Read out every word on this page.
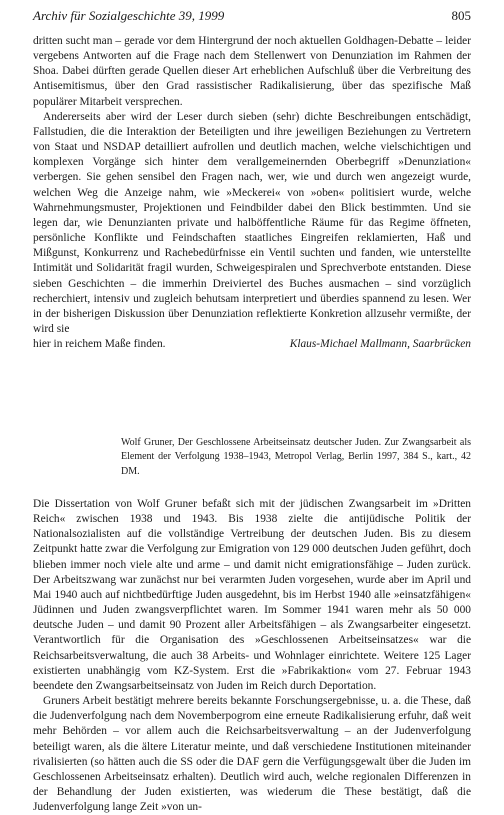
Archiv für Sozialgeschichte 39, 1999	805

dritten sucht man – gerade vor dem Hintergrund der noch aktuellen Goldhagen-Debatte – leider vergebens Antworten auf die Frage nach dem Stellenwert von Denunziation im Rahmen der Shoa. Dabei dürften gerade Quellen dieser Art erheblichen Aufschluß über die Verbreitung des Antisemitismus, über den Grad rassistischer Radikalisierung, über das spezifische Maß populärer Mitarbeit versprechen.

Andererseits aber wird der Leser durch sieben (sehr) dichte Beschreibungen entschädigt, Fallstudien, die die Interaktion der Beteiligten und ihre jeweiligen Beziehungen zu Vertretern von Staat und NSDAP detailliert aufrollen und deutlich machen, welche vielschichtigen und komplexen Vorgänge sich hinter dem verallgemeinernden Oberbegriff »Denunziation« verbergen. Sie gehen sensibel den Fragen nach, wer, wie und durch wen angezeigt wurde, welchen Weg die Anzeige nahm, wie »Meckerei« von »oben« politisiert wurde, welche Wahrnehmungsmuster, Projektionen und Feindbilder dabei den Blick bestimmten. Und sie legen dar, wie Denunzianten private und halböffentliche Räume für das Regime öffneten, persönliche Konflikte und Feindschaften staatliches Eingreifen reklamierten, Haß und Mißgunst, Konkurrenz und Rachebedürfnisse ein Ventil suchten und fanden, wie unterstellte Intimität und Solidarität fragil wurden, Schweigespiralen und Sprechverbote entstanden. Diese sieben Geschichten – die immerhin Dreiviertel des Buches ausmachen – sind vorzüglich recherchiert, intensiv und zugleich behutsam interpretiert und überdies spannend zu lesen. Wer in der bisherigen Diskussion über Denunziation reflektierte Konkretion allzusehr vermißte, der wird sie

hier in reichem Maße finden.	Klaus-Michael Mallmann, Saarbrücken
Wolf Gruner, Der Geschlossene Arbeitseinsatz deutscher Juden. Zur Zwangsarbeit als Element der Verfolgung 1938–1943, Metropol Verlag, Berlin 1997, 384 S., kart., 42 DM.

Die Dissertation von Wolf Gruner befaßt sich mit der jüdischen Zwangsarbeit im »Dritten Reich« zwischen 1938 und 1943. Bis 1938 zielte die antijüdische Politik der Nationalsozialisten auf die vollständige Vertreibung der deutschen Juden. Bis zu diesem Zeitpunkt hatte zwar die Verfolgung zur Emigration von 129 000 deutschen Juden geführt, doch blieben immer noch viele alte und arme – und damit nicht emigrationsfähige – Juden zurück. Der Arbeitszwang war zunächst nur bei verarmten Juden vorgesehen, wurde aber im April und Mai 1940 auch auf nichtbedürftige Juden ausgedehnt, bis im Herbst 1940 alle »einsatzfähigen« Jüdinnen und Juden zwangsverpflichtet waren. Im Sommer 1941 waren mehr als 50 000 deutsche Juden – und damit 90 Prozent aller Arbeitsfähigen – als Zwangsarbeiter eingesetzt. Verantwortlich für die Organisation des »Geschlossenen Arbeitseinsatzes« war die Reichsarbeitsverwaltung, die auch 38 Arbeits- und Wohnlager einrichtete. Weitere 125 Lager existierten unabhängig vom KZ-System. Erst die »Fabrikaktion« vom 27. Februar 1943 beendete den Zwangsarbeitseinsatz von Juden im Reich durch Deportation.

Gruners Arbeit bestätigt mehrere bereits bekannte Forschungsergebnisse, u. a. die These, daß die Judenverfolgung nach dem Novemberpogrom eine erneute Radikalisierung erfuhr, daß weit mehr Behörden – vor allem auch die Reichsarbeitsverwaltung – an der Judenverfolgung beteiligt waren, als die ältere Literatur meinte, und daß verschiedene Institutionen miteinander rivalisierten (so hätten auch die SS oder die DAF gern die Verfügungsgewalt über die Juden im Geschlossenen Arbeitseinsatz erhalten). Deutlich wird auch, welche regionalen Differenzen in der Behandlung der Juden existierten, was wiederum die These bestätigt, daß die Judenverfolgung lange Zeit »von un-
